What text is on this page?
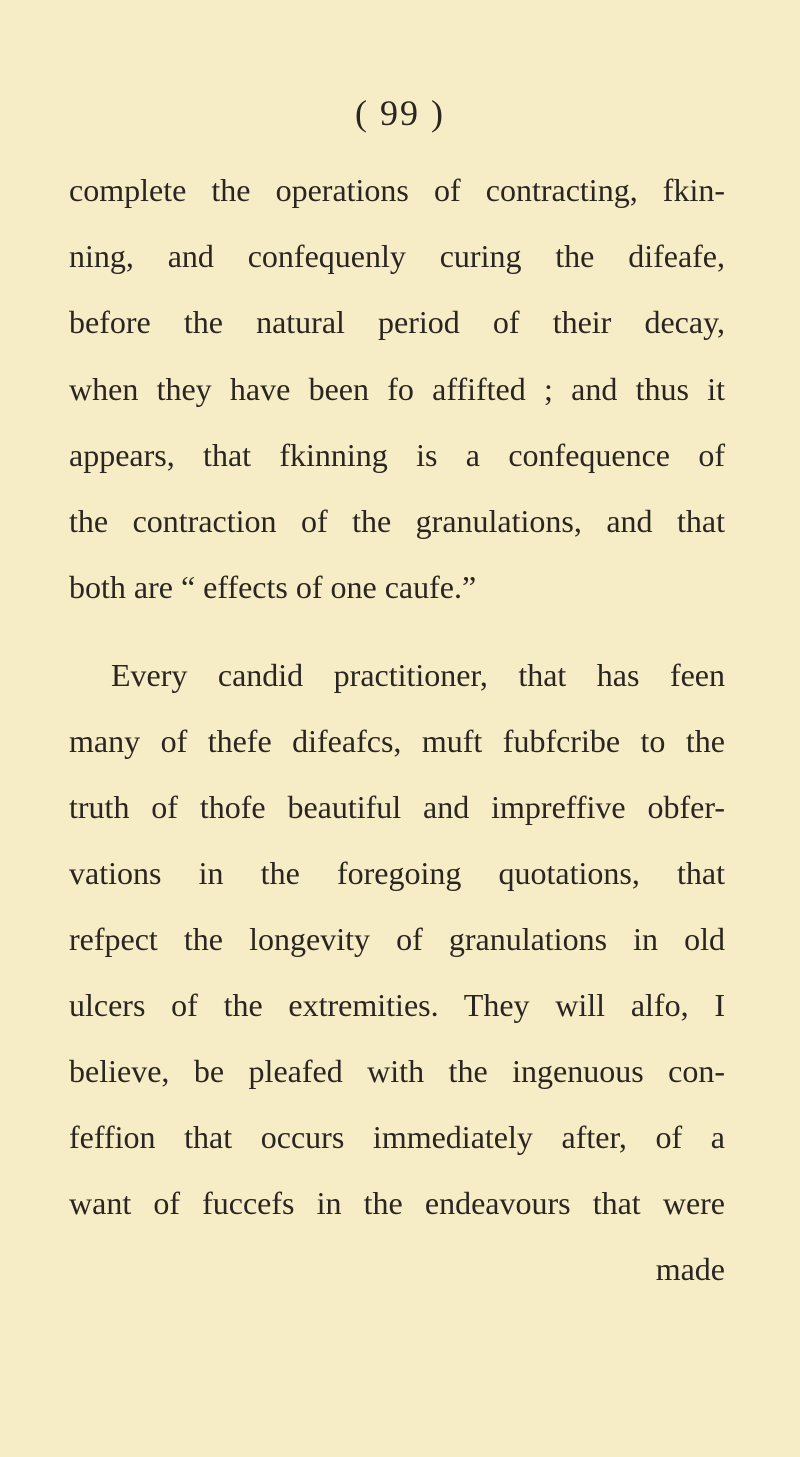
( 99 )
complete the operations of contracting, fkin-
ning, and confequenly curing the difeafe,
before the natural period of their decay,
when they have been fo affifted ; and thus it
appears, that fkinning is a confequence of
the contraction of the granulations, and that
both are “ effects of one caufe.”
Every candid practitioner, that has feen
many of thefe difeafcs, muft fubfcribe to the
truth of thofe beautiful and impreffive obfer-
vations in the foregoing quotations, that
refpect the longevity of granulations in old
ulcers of the extremities. They will alfo, I
believe, be pleafed with the ingenuous con-
feffion that occurs immediately after, of a
want of fuccefs in the endeavours that were
made
